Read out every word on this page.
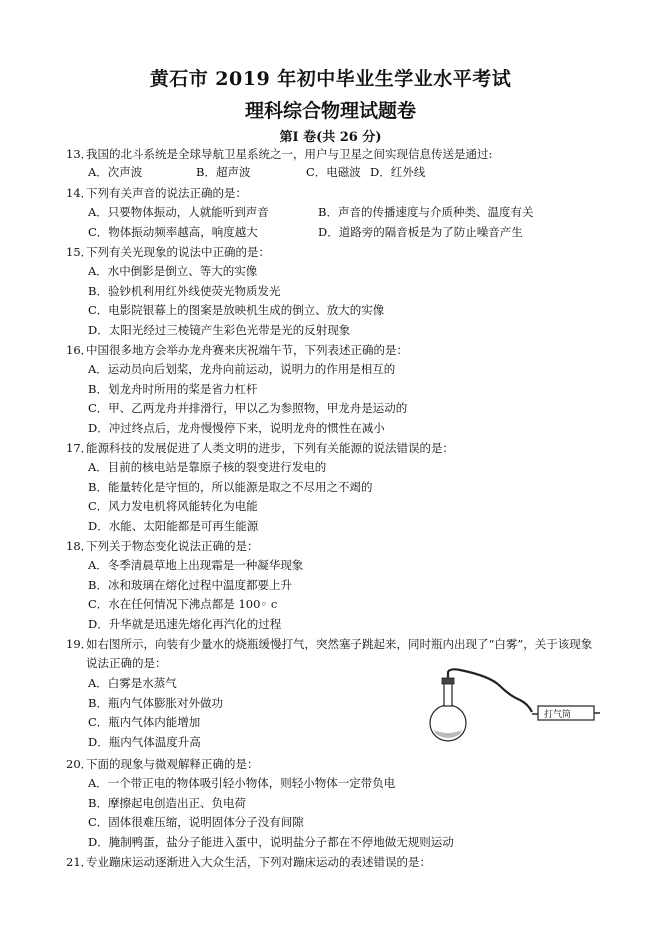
黄石市 2019 年初中毕业生学业水平考试
理科综合物理试题卷
第Ⅰ 卷(共 26 分)
13．我国的北斗系统是全球导航卫星系统之一，用户与卫星之间实现信息传送是通过:
A．次声波	B．超声波	C．电磁波 D．红外线
14．下列有关声音的说法正确的是：
A．只要物体振动，人就能听到声音	B．声音的传播速度与介质种类、温度有关
C．物体振动频率越高，响度越大	D．道路旁的隔音板是为了防止噪音产生
15．下列有关光现象的说法中正确的是：
A．水中倒影是倒立、等大的实像
B．验钞机利用红外线使荧光物质发光
C．电影院银幕上的图案是放映机生成的倒立、放大的实像
D．太阳光经过三棱镜产生彩色光带是光的反射现象
16．中国很多地方会举办龙舟赛来庆祝端午节，下列表述正确的是：
A．运动员向后划桨，龙舟向前运动，说明力的作用是相互的
B．划龙舟时所用的桨是省力杠杆
C．甲、乙两龙舟并排滑行，甲以乙为参照物，甲龙舟是运动的
D．冲过终点后，龙舟慢慢停下来，说明龙舟的惯性在减小
17．能源科技的发展促进了人类文明的进步，下列有关能源的说法错误的是：
A．目前的核电站是靠原子核的裂变进行发电的
B．能量转化是守恒的，所以能源是取之不尽用之不竭的
C．风力发电机将风能转化为电能
D．水能、太阳能都是可再生能源
18．下列关于物态变化说法正确的是：
A．冬季清晨草地上出现霜是一种凝华现象
B．冰和玻璃在熔化过程中温度都要上升
C．水在任何情况下沸点都是 100◦ c
D．升华就是迅速先熔化再汽化的过程
19．如右图所示，向装有少量水的烧瓶缓慢打气，突然塞子跳起来，同时瓶内出现了“白雾”，关于该现象
说法正确的是：
A．白雾是水蒸气
B．瓶内气体膨胀对外做功
C．瓶内气体内能增加
D．瓶内气体温度升高
打气筒
20．下面的现象与微观解释正确的是：
A．一个带正电的物体吸引轻小物体，则轻小物体一定带负电
B．摩擦起电创造出正、负电荷
C．固体很难压缩，说明固体分子没有间隙
D．腌制鸭蛋，盐分子能进入蛋中，说明盐分子都在不停地做无规则运动
21．专业蹦床运动逐渐进入大众生活，下列对蹦床运动的表述错误的是：
